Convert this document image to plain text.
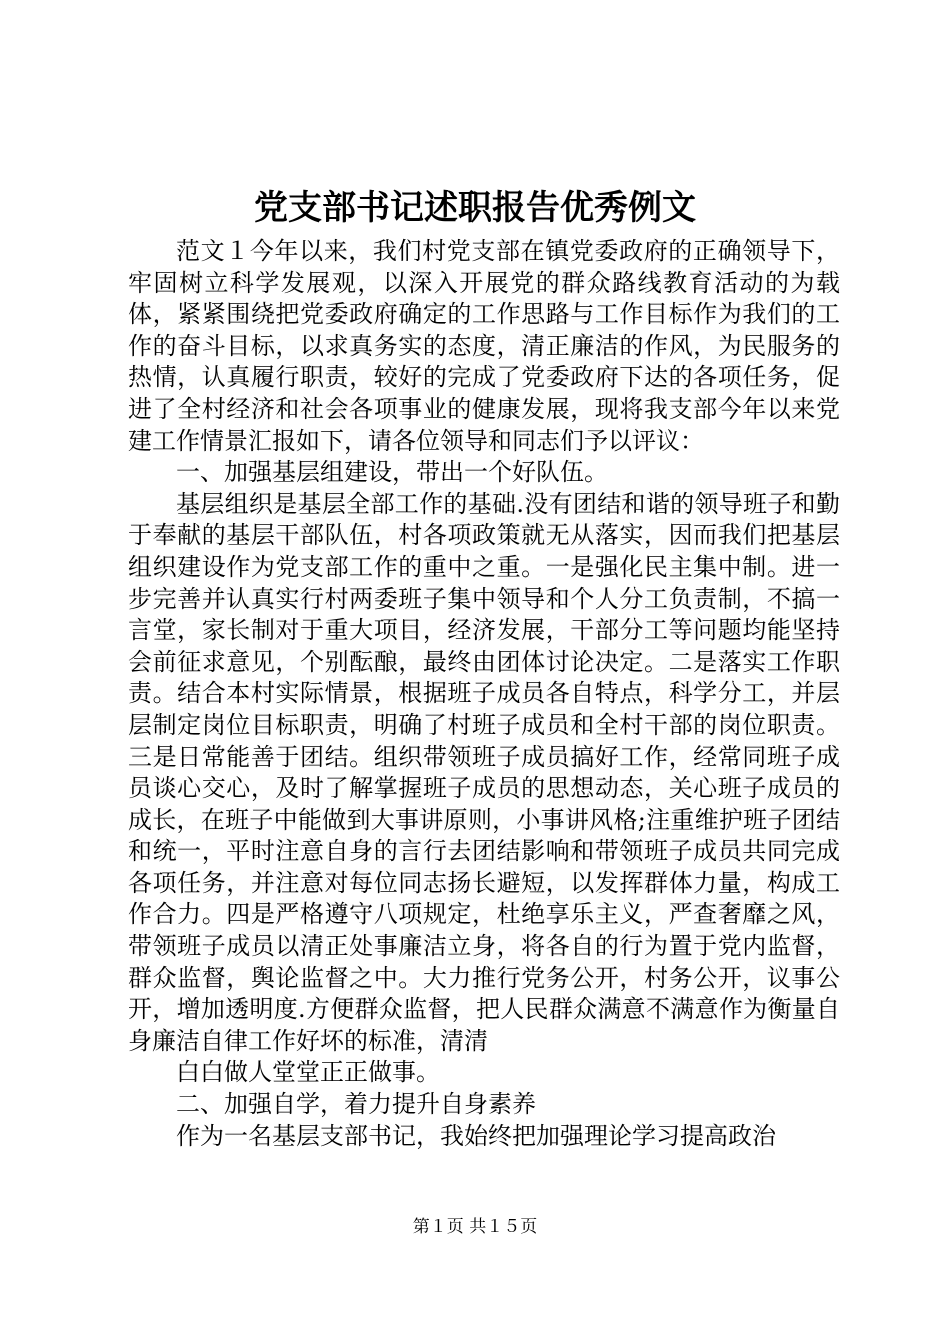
党支部书记述职报告优秀例文

范文１今年以来，我们村党支部在镇党委政府的正确领导下，牢固树立科学发展观，以深入开展党的群众路线教育活动的为载体，紧紧围绕把党委政府确定的工作思路与工作目标作为我们的工作的奋斗目标，以求真务实的态度，清正廉洁的作风，为民服务的热情，认真履行职责，较好的完成了党委政府下达的各项任务，促进了全村经济和社会各项事业的健康发展，现将我支部今年以来党建工作情景汇报如下，请各位领导和同志们予以评议：

一、加强基层组建设，带出一个好队伍。

基层组织是基层全部工作的基础.没有团结和谐的领导班子和勤于奉献的基层干部队伍，村各项政策就无从落实，因而我们把基层组织建设作为党支部工作的重中之重。一是强化民主集中制。进一步完善并认真实行村两委班子集中领导和个人分工负责制，不搞一言堂，家长制对于重大项目，经济发展，干部分工等问题均能坚持会前征求意见，个别酝酿，最终由团体讨论决定。二是落实工作职责。结合本村实际情景，根据班子成员各自特点，科学分工，并层层制定岗位目标职责，明确了村班子成员和全村干部的岗位职责。三是日常能善于团结。组织带领班子成员搞好工作，经常同班子成员谈心交心，及时了解掌握班子成员的思想动态，关心班子成员的成长，在班子中能做到大事讲原则，小事讲风格;注重维护班子团结和统一，平时注意自身的言行去团结影响和带领班子成员共同完成各项任务，并注意对每位同志扬长避短，以发挥群体力量，构成工作合力。四是严格遵守八项规定，杜绝享乐主义，严查奢靡之风，带领班子成员以清正处事廉洁立身，将各自的行为置于党内监督，群众监督，舆论监督之中。大力推行党务公开，村务公开，议事公开，增加透明度.方便群众监督，把人民群众满意不满意作为衡量自身廉洁自律工作好坏的标准，清清

白白做人堂堂正正做事。

二、加强自学，着力提升自身素养

作为一名基层支部书记，我始终把加强理论学习提高政治

第１页 共１５页
